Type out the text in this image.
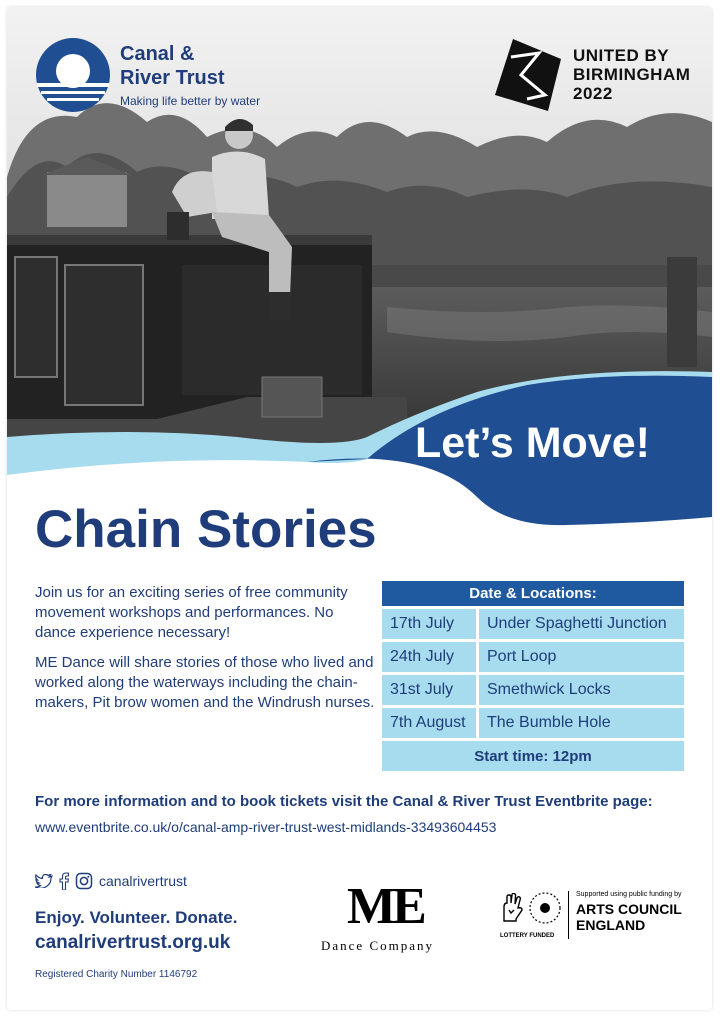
Canal &
River Trust
Making life better by water
UNITED BY
BIRMINGHAM
2022
Let’s Move!
Chain Stories

Join us for an exciting series of free community movement workshops and performances. No dance experience necessary!

ME Dance will share stories of those who lived and worked along the waterways including the chain-makers, Pit brow women and the Windrush nurses.

Date & Locations:	
17th July	Under Spaghetti Junction
24th July	Port Loop
31st July	Smethwick Locks
7th August	The Bumble Hole
Start time: 12pm	
For more information and to book tickets visit the Canal & River Trust Eventbrite page:
www.eventbrite.co.uk/o/canal-amp-river-trust-west-midlands-33493604453
canalrivertrust
Enjoy. Volunteer. Donate.
canalrivertrust.org.uk
Registered Charity Number 1146792
ME
Dance Company
Supported using public funding by
ARTS COUNCIL
ENGLAND
LOTTERY FUNDED
